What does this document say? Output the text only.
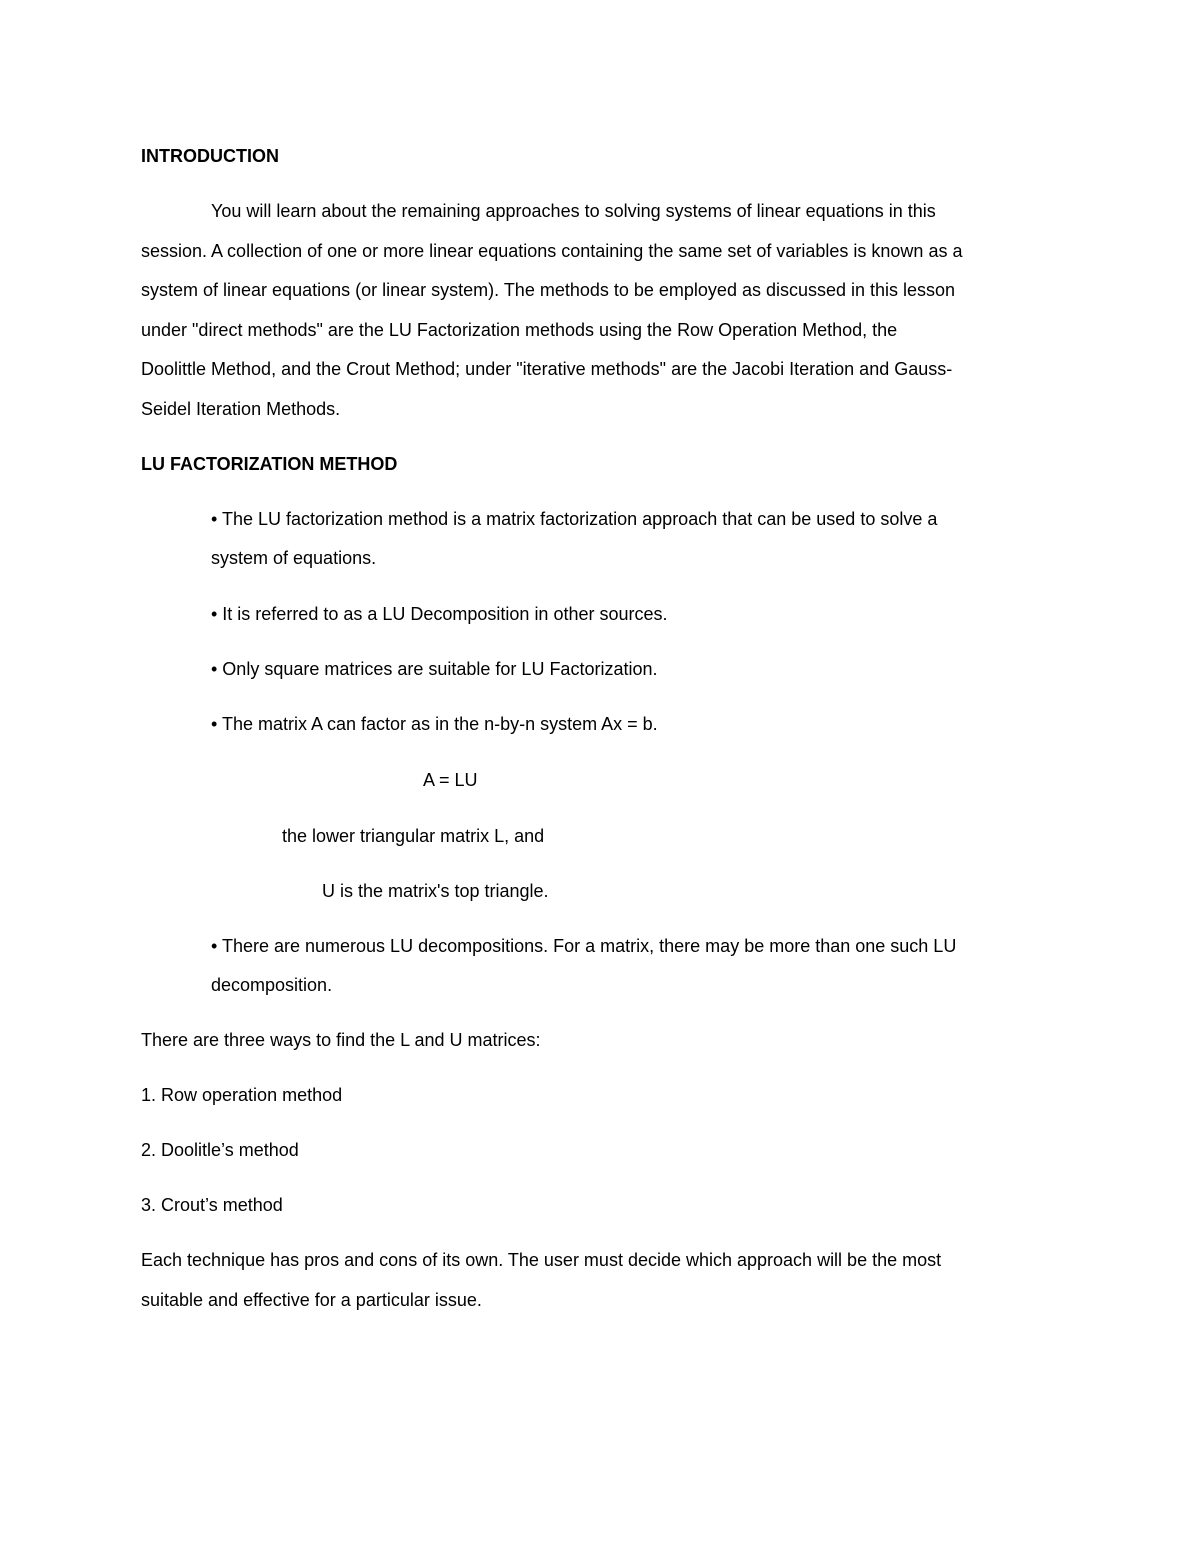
INTRODUCTION
You will learn about the remaining approaches to solving systems of linear equations in this
session. A collection of one or more linear equations containing the same set of variables is known as a
system of linear equations (or linear system). The methods to be employed as discussed in this lesson
under "direct methods" are the LU Factorization methods using the Row Operation Method, the
Doolittle Method, and the Crout Method; under "iterative methods" are the Jacobi Iteration and Gauss-
Seidel Iteration Methods.
LU FACTORIZATION METHOD
• The LU factorization method is a matrix factorization approach that can be used to solve a
system of equations.
• It is referred to as a LU Decomposition in other sources.
• Only square matrices are suitable for LU Factorization.
• The matrix A can factor as in the n-by-n system Ax = b.
A = LU
the lower triangular matrix L, and
U is the matrix's top triangle.
• There are numerous LU decompositions. For a matrix, there may be more than one such LU
decomposition.
There are three ways to find the L and U matrices:
1. Row operation method
2. Doolitle’s method
3. Crout’s method
Each technique has pros and cons of its own. The user must decide which approach will be the most
suitable and effective for a particular issue.
